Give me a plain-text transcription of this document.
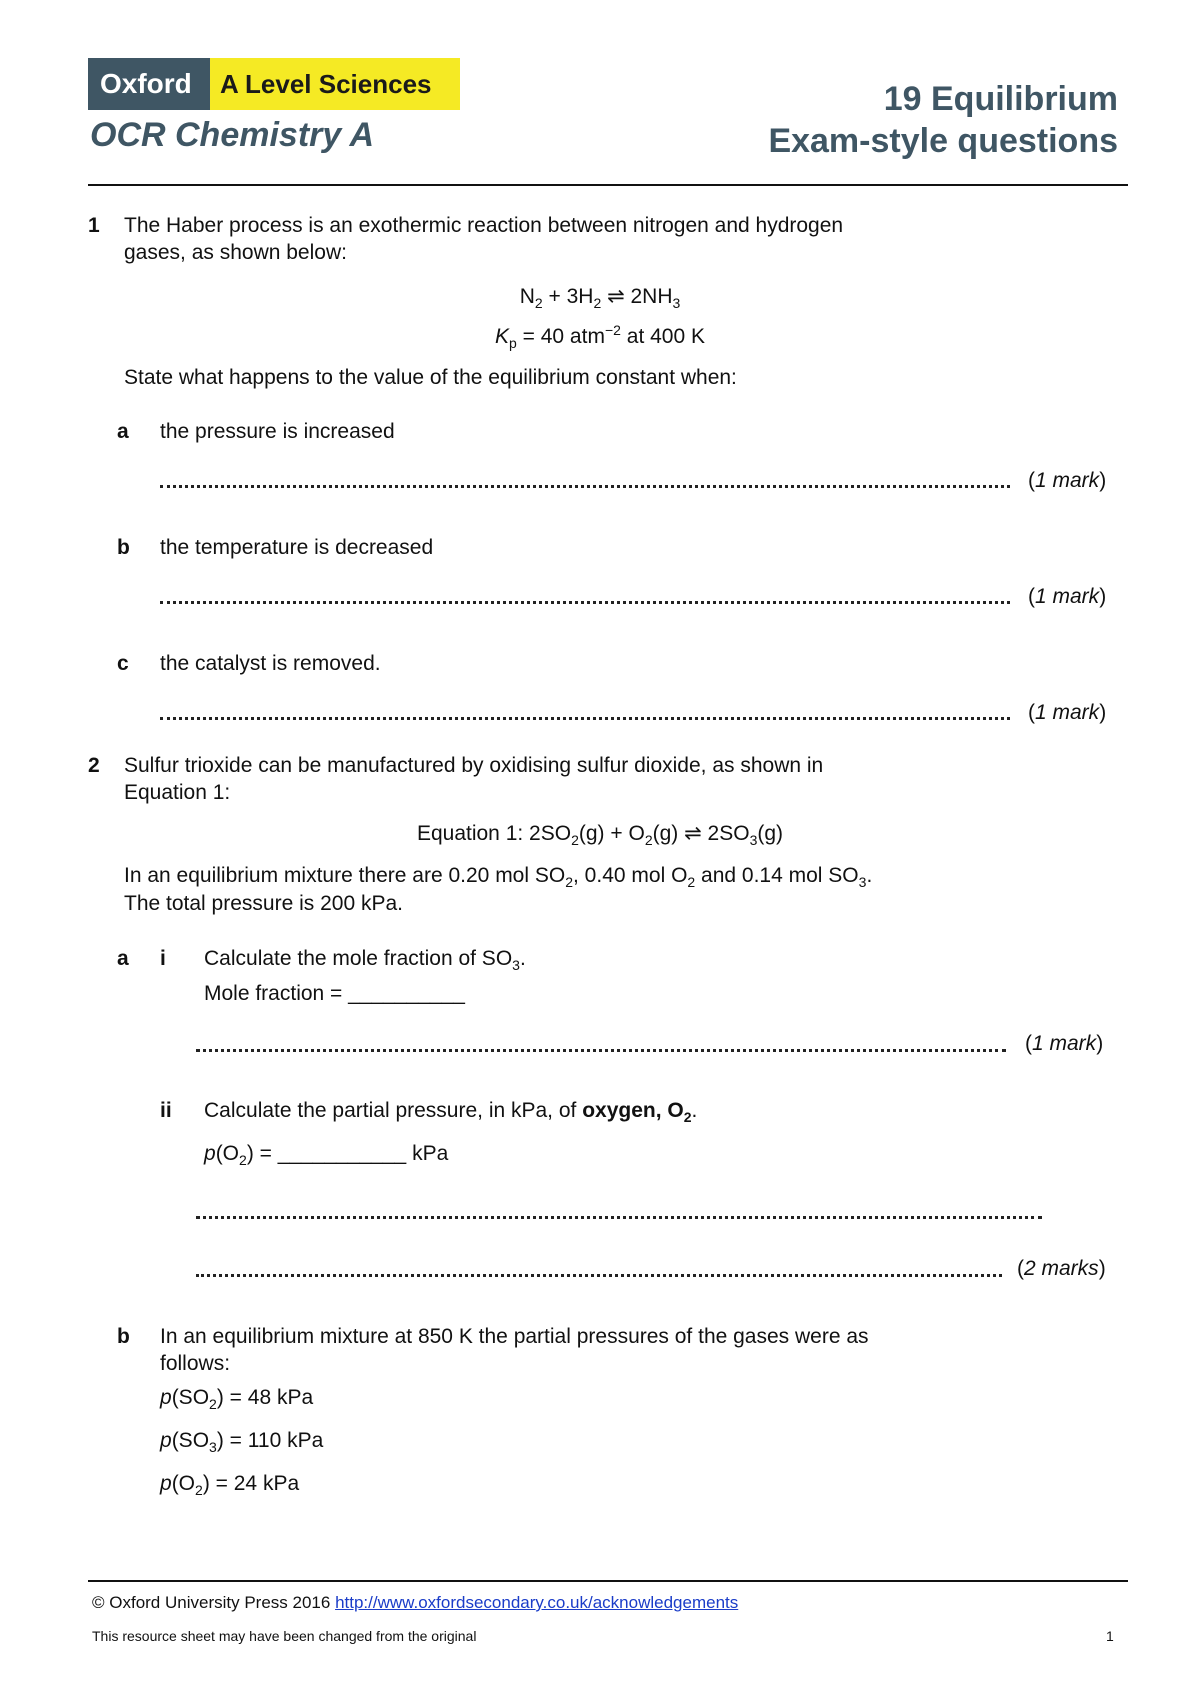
Oxford	A Level Sciences
OCR Chemistry A
19 Equilibrium
Exam-style questions
1 The Haber process is an exothermic reaction between nitrogen and hydrogen
gases, as shown below:
$N_2 + 3H_2$ ⇌ $2NH_3$
$K_p = 40$ atm$^{-2}$ at 400 K
State what happens to the value of the equilibrium constant when:
a the pressure is increased
(1 mark)
b the temperature is decreased
(1 mark)
c the catalyst is removed.
(1 mark)
2 Sulfur trioxide can be manufactured by oxidising sulfur dioxide, as shown in
Equation 1:
Equation 1: $2SO_2(g) + O_2(g)$ ⇌ $2SO_3(g)$
In an equilibrium mixture there are 0.20 mol $SO_2$, 0.40 mol $O_2$ and 0.14 mol $SO_3$.
The total pressure is 200 kPa.
a i Calculate the mole fraction of $SO_3$.
Mole fraction = __________
(1 mark)
ii Calculate the partial pressure, in kPa, of oxygen, $O_2$.
$p(O_2)$ = ___________ kPa
(2 marks)
b In an equilibrium mixture at 850 K the partial pressures of the gases were as
follows:
$p(SO_2) = 48$ kPa
$p(SO_3) = 110$ kPa
$p(O_2) = 24$ kPa
© Oxford University Press 2016 http://www.oxfordsecondary.co.uk/acknowledgements
This resource sheet may have been changed from the original	1
